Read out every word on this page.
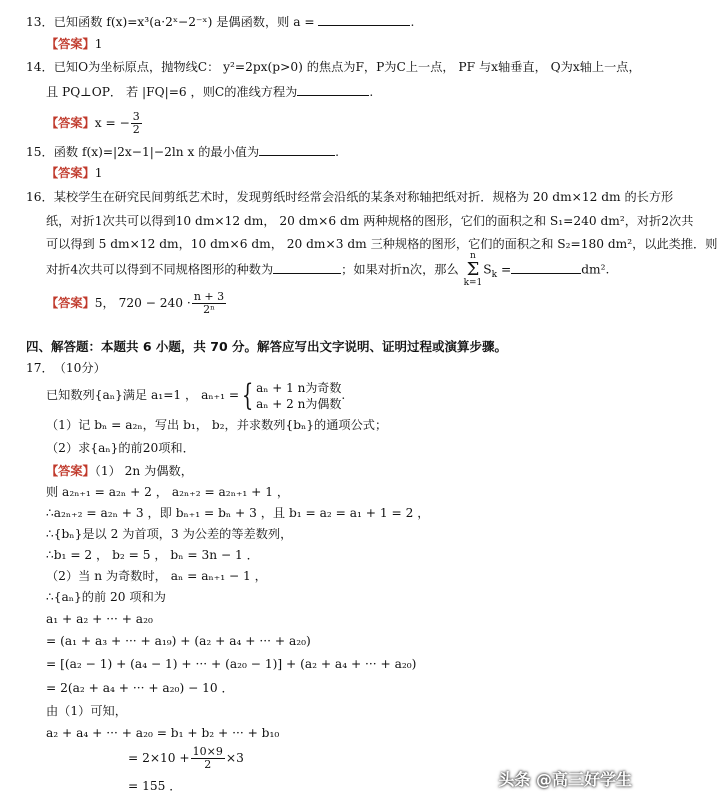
13．已知函数 f(x)=x³(a·2ˣ−2⁻ˣ) 是偶函数，则 a =	.
【答案】1
14．已知O为坐标原点，抛物线C： y²=2px(p>0) 的焦点为F，P为C上一点， PF 与x轴垂直， Q为x轴上一点，
且 PQ⊥OP． 若 |FQ|=6 ，则C的准线方程为	.
【答案】x = − $\frac{3}{2}$
15．函数 f(x)=|2x−1|−2ln x 的最小值为	.
【答案】1
16．某校学生在研究民间剪纸艺术时，发现剪纸时经常会沿纸的某条对称轴把纸对折．规格为 20 dm×12 dm 的长方形
纸，对折1次共可以得到10 dm×12 dm， 20 dm×6 dm 两种规格的图形，它们的面积之和 S₁=240 dm²，对折2次共
可以得到 5 dm×12 dm，10 dm×6 dm， 20 dm×3 dm 三种规格的图形，它们的面积之和 S₂=180 dm²，以此类推．则
对折4次共可以得到不同规格图形的种数为	；如果对折n次，那么
n
Σ
k=1
$S_k$ =	dm².
【答案】5， $720 - 240 \cdot \frac{n + 3}{\text{2ⁿ}}$
四、解答题：本题共 6 小题，共 70 分。解答应写出文字说明、证明过程或演算步骤。
17．（10分）
已知数列{aₙ}满足 a₁=1 ， aₙ₊₁ ={ aₙ + 1 n为奇数
aₙ + 2 n为偶数
.
（1）记 bₙ = a₂ₙ，写出 b₁， b₂，并求数列{bₙ}的通项公式；
（2）求{aₙ}的前20项和．
【答案】（1） 2n 为偶数，
则 a₂ₙ₊₁ = a₂ₙ + 2 ， a₂ₙ₊₂ = a₂ₙ₊₁ + 1 ，
∴a₂ₙ₊₂ = a₂ₙ + 3 ，即 bₙ₊₁ = bₙ + 3 ，且 b₁ = a₂ = a₁ + 1 = 2 ，
∴{bₙ}是以 2 为首项，3 为公差的等差数列，
∴b₁ = 2 ， b₂ = 5 ， bₙ = 3n − 1 ．
（2）当 n 为奇数时， aₙ = aₙ₊₁ − 1 ，
∴{aₙ}的前 20 项和为
a₁ + a₂ + ··· + a₂₀
= (a₁ + a₃ + ··· + a₁₉) + (a₂ + a₄ + ··· + a₂₀)
= [(a₂ − 1) + (a₄ − 1) + ··· + (a₂₀ − 1)] + (a₂ + a₄ + ··· + a₂₀)
= 2(a₂ + a₄ + ··· + a₂₀) − 10 ．
由（1）可知，
a₂ + a₄ + ··· + a₂₀ = b₁ + b₂ + ··· + b₁₀
= $2\times 10 + \frac{10\times 9}{2} \times 3$
= 155 ．	头条 @高三好学生
